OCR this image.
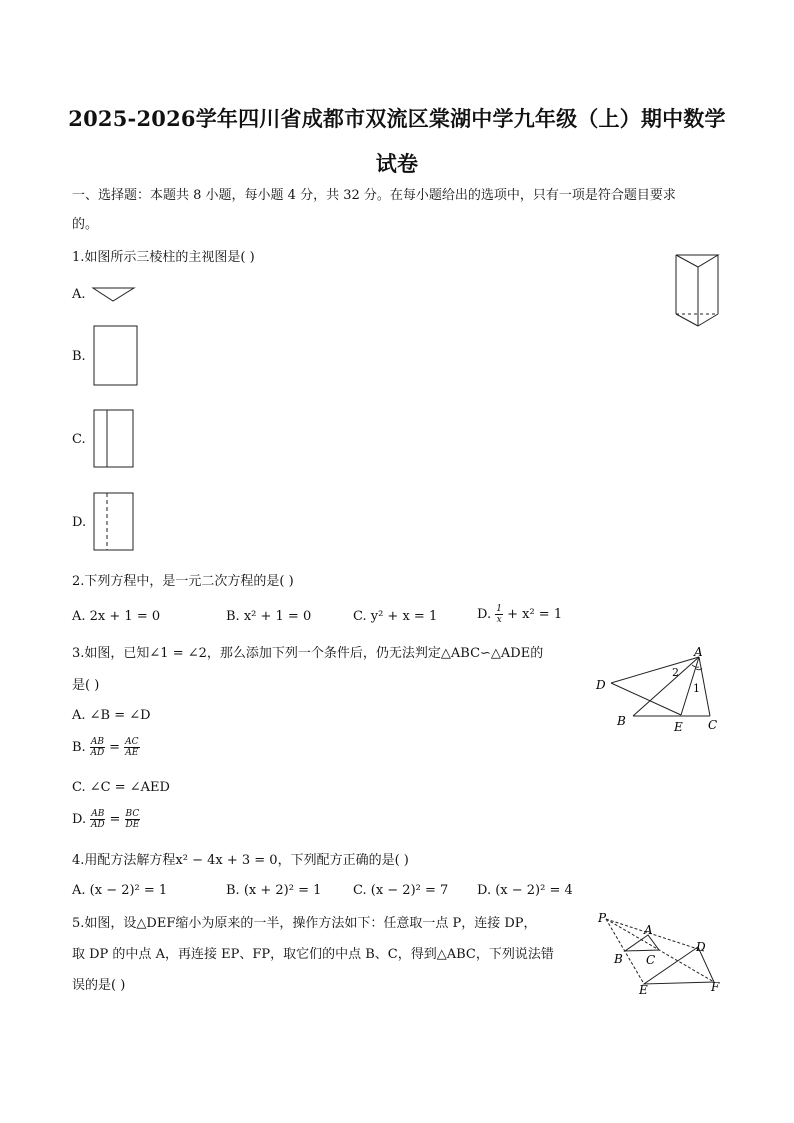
2025-2026学年四川省成都市双流区棠湖中学九年级（上）期中数学
试卷
一、选择题：本题共 8 小题，每小题 4 分，共 32 分。在每小题给出的选项中，只有一项是符合题目要求
的。
1.如图所示三棱柱的主视图是( )
A.
B.
C.
D.
2.下列方程中，是一元二次方程的是( )
A. 2x + 1 = 0	B. x² + 1 = 0	C. y² + x = 1	D. $\frac{1}{x} + x^2 = 1$
3.如图，已知∠1 = ∠2，那么添加下列一个条件后，仍无法判定△ABC∽△ADE的
是( )
A
D
B	E C
2
1
A. ∠B = ∠D
B. $\frac{AB}{AD} = \frac{AC}{AE}$
C. ∠C = ∠AED
D. $\frac{AB}{AD} = \frac{BC}{DE}$
4.用配方法解方程x² − 4x + 3 = 0，下列配方正确的是( )
A. (x − 2)² = 1	B. (x + 2)² = 1 C. (x − 2)² = 7 D. (x − 2)² = 4
5.如图，设△DEF缩小为原来的一半，操作方法如下：任意取一点 P，连接 DP，
取 DP 的中点 A，再连接 EP、FP，取它们的中点 B、C，得到△ABC，下列说法错
误的是( )
P
A
B C
D
E	F
